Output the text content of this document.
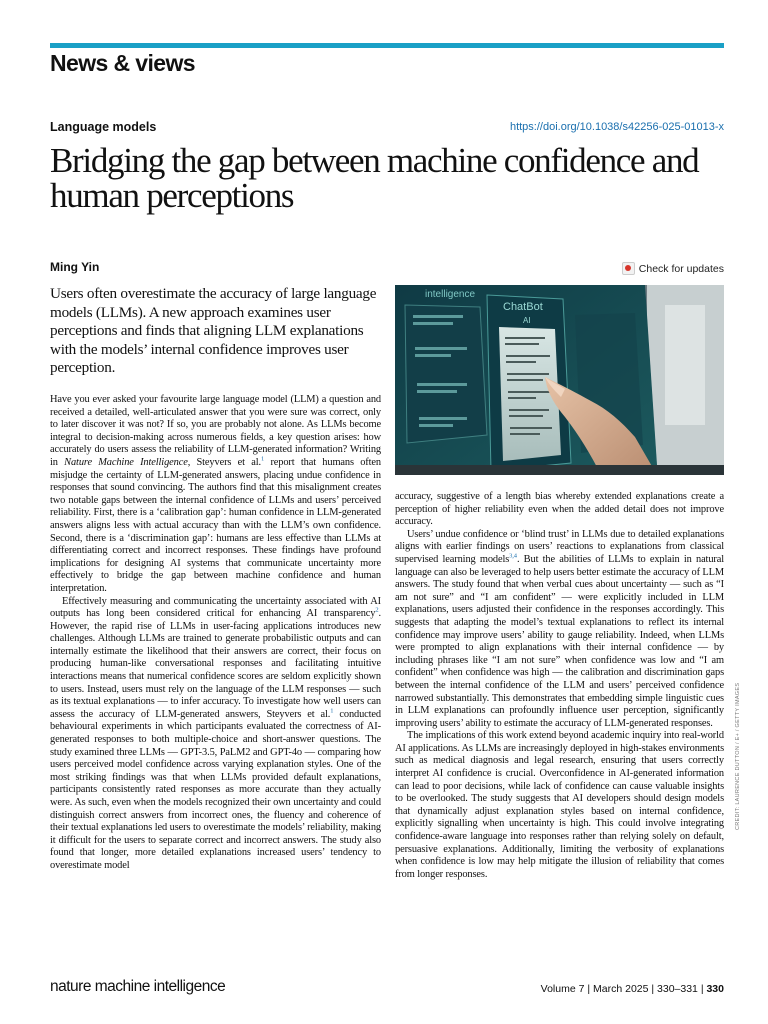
News & views
Language models	https://doi.org/10.1038/s42256-025-01013-x
Bridging the gap between machine confidence and human perceptions
Ming Yin	Check for updates
Users often overestimate the accuracy of large language models (LLMs). A new approach examines user perceptions and finds that aligning LLM explanations with the models’ internal confidence improves user perception.
intelligence
ChatBot
AI

Have you ever asked your favourite large language model (LLM) a question and received a detailed, well-articulated answer that you were sure was correct, only to later discover it was not? If so, you are probably not alone. As LLMs become integral to decision-making across numerous fields, a key question arises: how accurately do users assess the reliability of LLM-generated information? Writing in Nature Machine Intelligence, Steyvers et al.$^1$ report that humans often misjudge the certainty of LLM-generated answers, placing undue confidence in responses that sound convincing. The authors find that this misalignment creates two notable gaps between the internal confidence of LLMs and users’ perceived reliability. First, there is a ‘calibration gap’: human confidence in LLM-generated answers aligns less with actual accuracy than with the LLM’s own confidence. Second, there is a ‘discrimination gap’: humans are less effective than LLMs at differentiating correct and incorrect responses. These findings have profound implications for designing AI systems that communicate uncertainty more effectively to bridge the gap between machine confidence and human interpretation.

Effectively measuring and communicating the uncertainty associated with AI outputs has long been considered critical for enhancing AI transparency$^2$. However, the rapid rise of LLMs in user-facing applications introduces new challenges. Although LLMs are trained to generate probabilistic outputs and can internally estimate the likelihood that their answers are correct, their focus on producing human-like conversational responses and facilitating intuitive interactions means that numerical confidence scores are seldom explicitly shown to users. Instead, users must rely on the language of the LLM responses — such as its textual explanations — to infer accuracy. To investigate how well users can assess the accuracy of LLM-generated answers, Steyvers et al.$^1$ conducted behavioural experiments in which participants evaluated the correctness of AI-generated responses to both multiple-choice and short-answer questions. The study examined three LLMs — GPT-3.5, PaLM2 and GPT-4o — comparing how users perceived model confidence across varying explanation styles. One of the most striking findings was that when LLMs provided default explanations, participants consistently rated responses as more accurate than they actually were. As such, even when the models recognized their own uncertainty and could distinguish correct answers from incorrect ones, the fluency and coherence of their textual explanations led users to overestimate the models’ reliability, making it difficult for the users to separate correct and incorrect answers. The study also found that longer, more detailed explanations increased users’ tendency to overestimate model

accuracy, suggestive of a length bias whereby extended explanations create a perception of higher reliability even when the added detail does not improve accuracy.

Users’ undue confidence or ‘blind trust’ in LLMs due to detailed explanations aligns with earlier findings on users’ reactions to explanations from classical supervised learning models$^{3,4}$. But the abilities of LLMs to explain in natural language can also be leveraged to help users better estimate the accuracy of LLM answers. The study found that when verbal cues about uncertainty — such as “I am not sure” and “I am confident” — were explicitly included in LLM explanations, users adjusted their confidence in the responses accordingly. This suggests that adapting the model’s textual explanations to reflect its internal confidence may improve users’ ability to gauge reliability. Indeed, when LLMs were prompted to align explanations with their internal confidence — by including phrases like “I am not sure” when confidence was low and “I am confident” when confidence was high — the calibration and discrimination gaps between the internal confidence of the LLM and users’ perceived confidence narrowed substantially. This demonstrates that embedding simple linguistic cues in LLM explanations can profoundly influence user perception, significantly improving users’ ability to estimate the accuracy of LLM-generated responses.

The implications of this work extend beyond academic inquiry into real-world AI applications. As LLMs are increasingly deployed in high-stakes environments such as medical diagnosis and legal research, ensuring that users correctly interpret AI confidence is crucial. Overconfidence in AI-generated information can lead to poor decisions, while lack of confidence can cause valuable insights to be overlooked. The study suggests that AI developers should design models that dynamically adjust explanation styles based on internal confidence, explicitly signalling when uncertainty is high. This could involve integrating confidence-aware language into responses rather than relying solely on default, persuasive explanations. Additionally, limiting the verbosity of explanations when confidence is low may help mitigate the illusion of reliability that comes from longer responses.

CREDIT: LAURENCE DUTTON / E+ / GETTY IMAGES
nature machine intelligence	Volume 7 | March 2025 | 330–331 | 330
